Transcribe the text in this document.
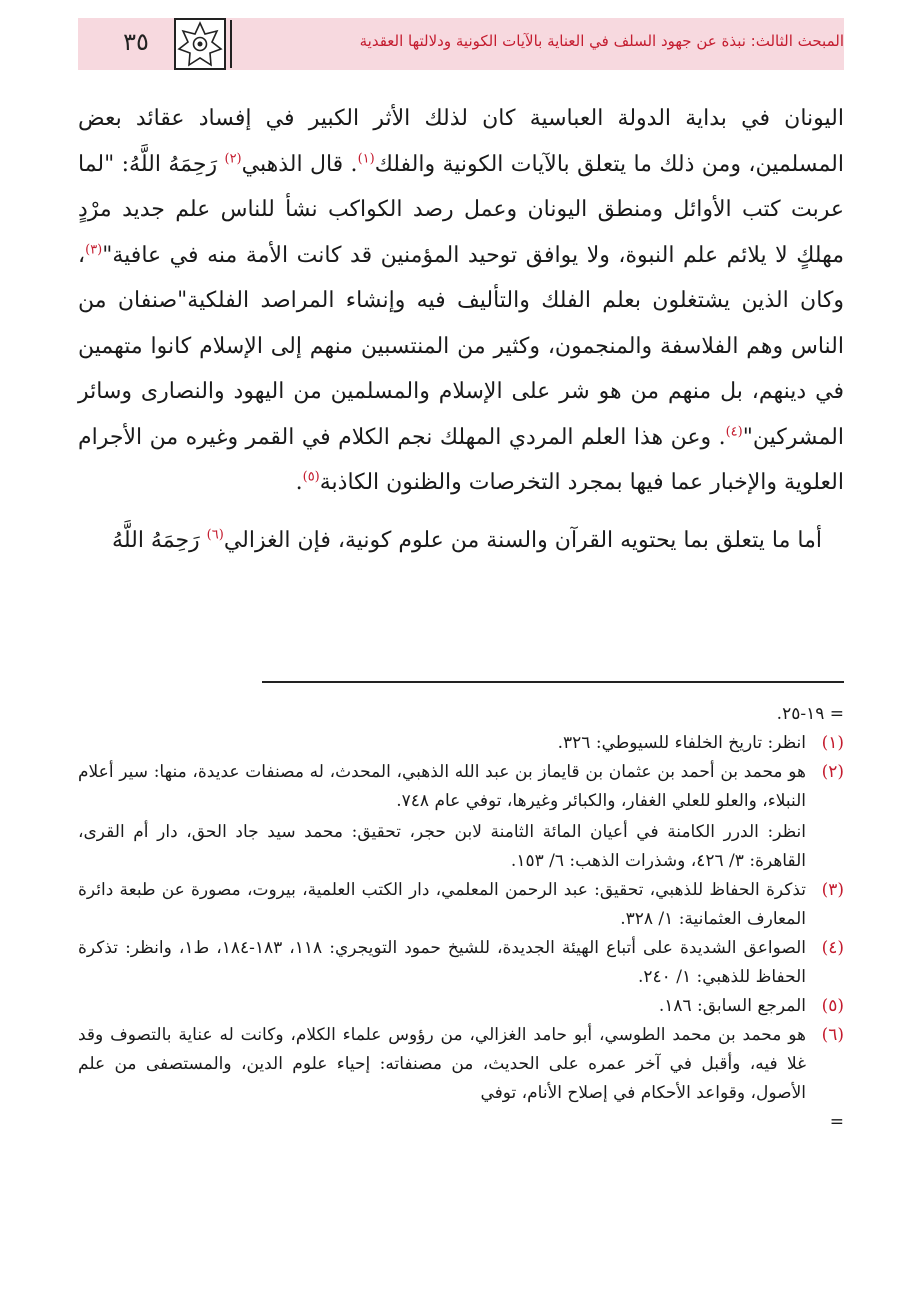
المبحث الثالث: نبذة عن جهود السلف في العناية بالآيات الكونية ودلالتها العقدية
٣٥

اليونان في بداية الدولة العباسية كان لذلك الأثر الكبير في إفساد عقائد بعض المسلمين، ومن ذلك ما يتعلق بالآيات الكونية والفلك$^{(١)}$. قال الذهبي$^{(٢)}$ رَحِمَهُ اللَّهُ: "لما عربت كتب الأوائل ومنطق اليونان وعمل رصد الكواكب نشأ للناس علم جديد مرْدٍ مهلكٍ لا يلائم علم النبوة، ولا يوافق توحيد المؤمنين قد كانت الأمة منه في عافية"$^{(٣)}$، وكان الذين يشتغلون بعلم الفلك والتأليف فيه وإنشاء المراصد الفلكية"صنفان من الناس وهم الفلاسفة والمنجمون، وكثير من المنتسبين منهم إلى الإسلام كانوا متهمين في دينهم، بل منهم من هو شر على الإسلام والمسلمين من اليهود والنصارى وسائر المشركين"$^{(٤)}$. وعن هذا العلم المردي المهلك نجم الكلام في القمر وغيره من الأجرام العلوية والإخبار عما فيها بمجرد التخرصات والظنون الكاذبة$^{(٥)}$.

أما ما يتعلق بما يحتويه القرآن والسنة من علوم كونية، فإن الغزالي$^{(٦)}$ رَحِمَهُ اللَّهُ

= ١٩-٢٥.

(١)
انظر: تاريخ الخلفاء للسيوطي: ٣٢٦.
(٢)
هو محمد بن أحمد بن عثمان بن قايماز بن عبد الله الذهبي، المحدث، له مصنفات عديدة، منها: سير أعلام النبلاء، والعلو للعلي الغفار، والكبائر وغيرها، توفي عام ٧٤٨.

انظر: الدرر الكامنة في أعيان المائة الثامنة لابن حجر، تحقيق: محمد سيد جاد الحق، دار أم القرى، القاهرة: ٣/ ٤٢٦، وشذرات الذهب: ٦/ ١٥٣.

(٣)
تذكرة الحفاظ للذهبي، تحقيق: عبد الرحمن المعلمي، دار الكتب العلمية، بيروت، مصورة عن طبعة دائرة المعارف العثمانية: ١/ ٣٢٨.
(٤)
الصواعق الشديدة على أتباع الهيئة الجديدة، للشيخ حمود التويجري: ١١٨، ١٨٣-١٨٤، ط١، وانظر: تذكرة الحفاظ للذهبي: ١/ ٢٤٠.
(٥)
المرجع السابق: ١٨٦.
(٦)
هو محمد بن محمد الطوسي، أبو حامد الغزالي، من رؤوس علماء الكلام، وكانت له عناية بالتصوف وقد غلا فيه، وأقبل في آخر عمره على الحديث، من مصنفاته: إحياء علوم الدين، والمستصفى من علم الأصول، وقواعد الأحكام في إصلاح الأنام، توفي
=
